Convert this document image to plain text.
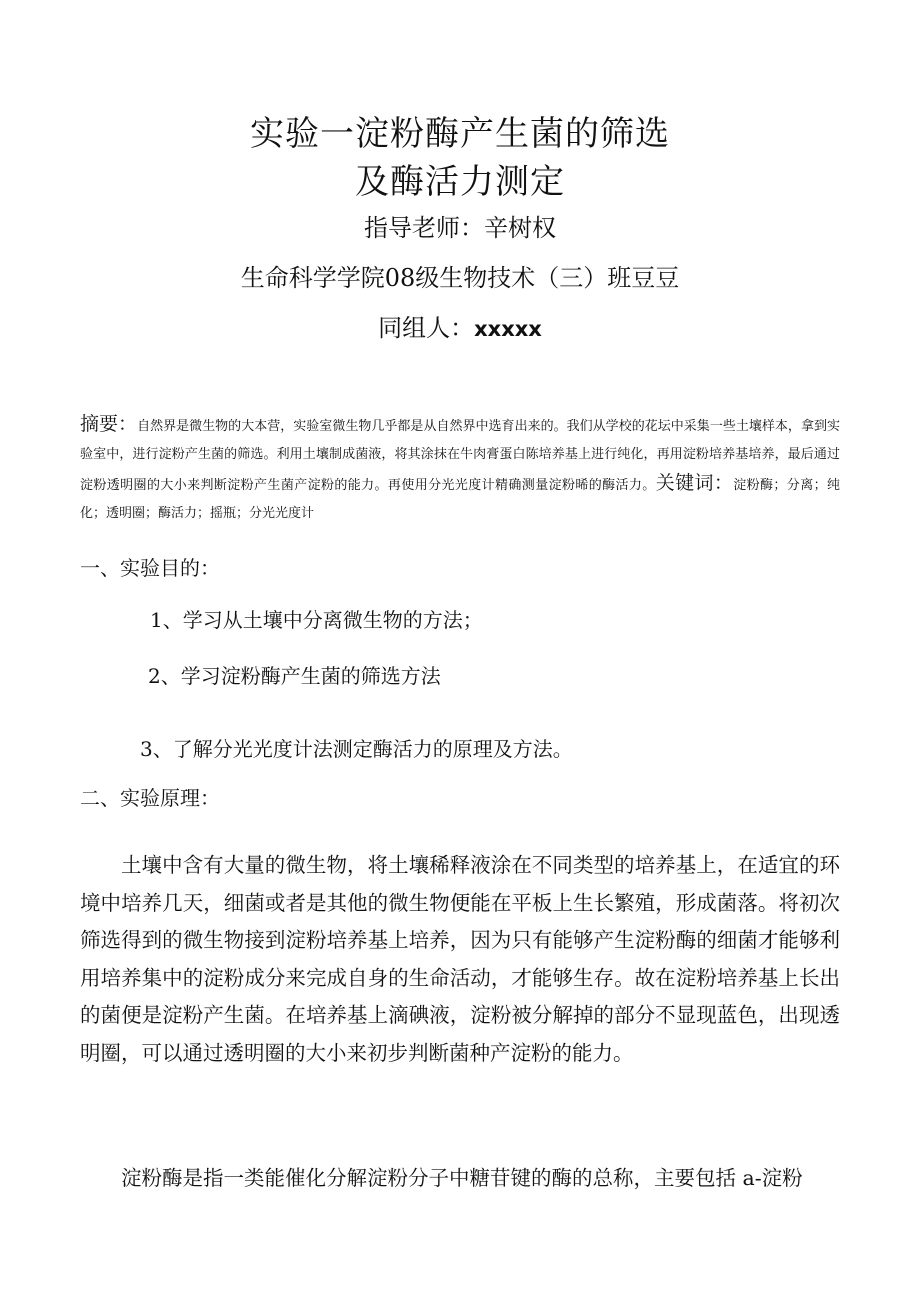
实验一淀粉酶产生菌的筛选
及酶活力测定
指导老师：辛树权
生命科学学院08级生物技术（三）班豆豆
同组人：xxxxx
摘要：自然界是微生物的大本营，实验室微生物几乎都是从自然界中选育出来的。我们从学校的花坛中采集一些土壤样本，拿到实验室中，进行淀粉产生菌的筛选。利用土壤制成菌液，将其涂抹在牛肉膏蛋白陈培养基上进行纯化，再用淀粉培养基培养，最后通过淀粉透明圈的大小来判断淀粉产生菌产淀粉的能力。再使用分光光度计精确测量淀粉晞的酶活力。关键词：淀粉酶；分离；纯化；透明圈；酶活力；摇瓶；分光光度计
一、实验目的：
1、学习从土壤中分离微生物的方法；
2、学习淀粉酶产生菌的筛选方法
3、了解分光光度计法测定酶活力的原理及方法。
二、实验原理：
土壤中含有大量的微生物，将土壤稀释液涂在不同类型的培养基上，在适宜的环境中培养几天，细菌或者是其他的微生物便能在平板上生长繁殖，形成菌落。将初次筛选得到的微生物接到淀粉培养基上培养，因为只有能够产生淀粉酶的细菌才能够利用培养集中的淀粉成分来完成自身的生命活动，才能够生存。故在淀粉培养基上长出的菌便是淀粉产生菌。在培养基上滴碘液，淀粉被分解掉的部分不显现蓝色，出现透明圈，可以通过透明圈的大小来初步判断菌种产淀粉的能力。
淀粉酶是指一类能催化分解淀粉分子中糖苷键的酶的总称，主要包括 a-淀粉
